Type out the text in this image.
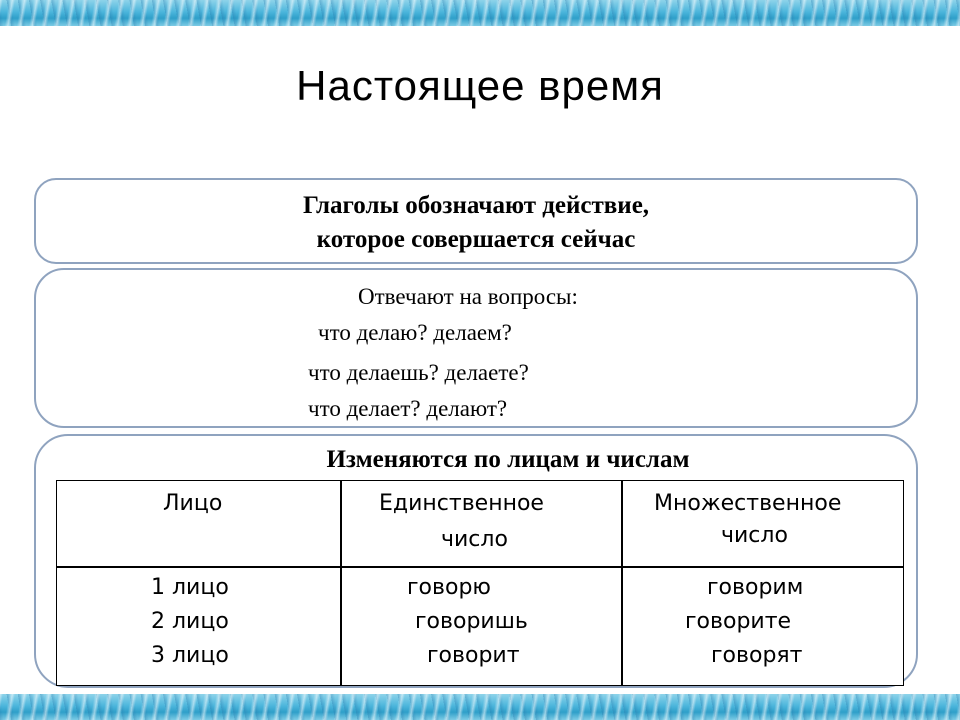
Настоящее время
Глаголы обозначают действие,
которое совершается сейчас
Отвечают на вопросы:
что делаю? делаем?
что делаешь? делаете?
что делает? делают?
Изменяются по лицам и числам
Лицо	Единственное
число
Множественное
число
1 лицо
2 лицо
3 лицо
говорю
говоришь
говорит
говорим
говорите
говорят
